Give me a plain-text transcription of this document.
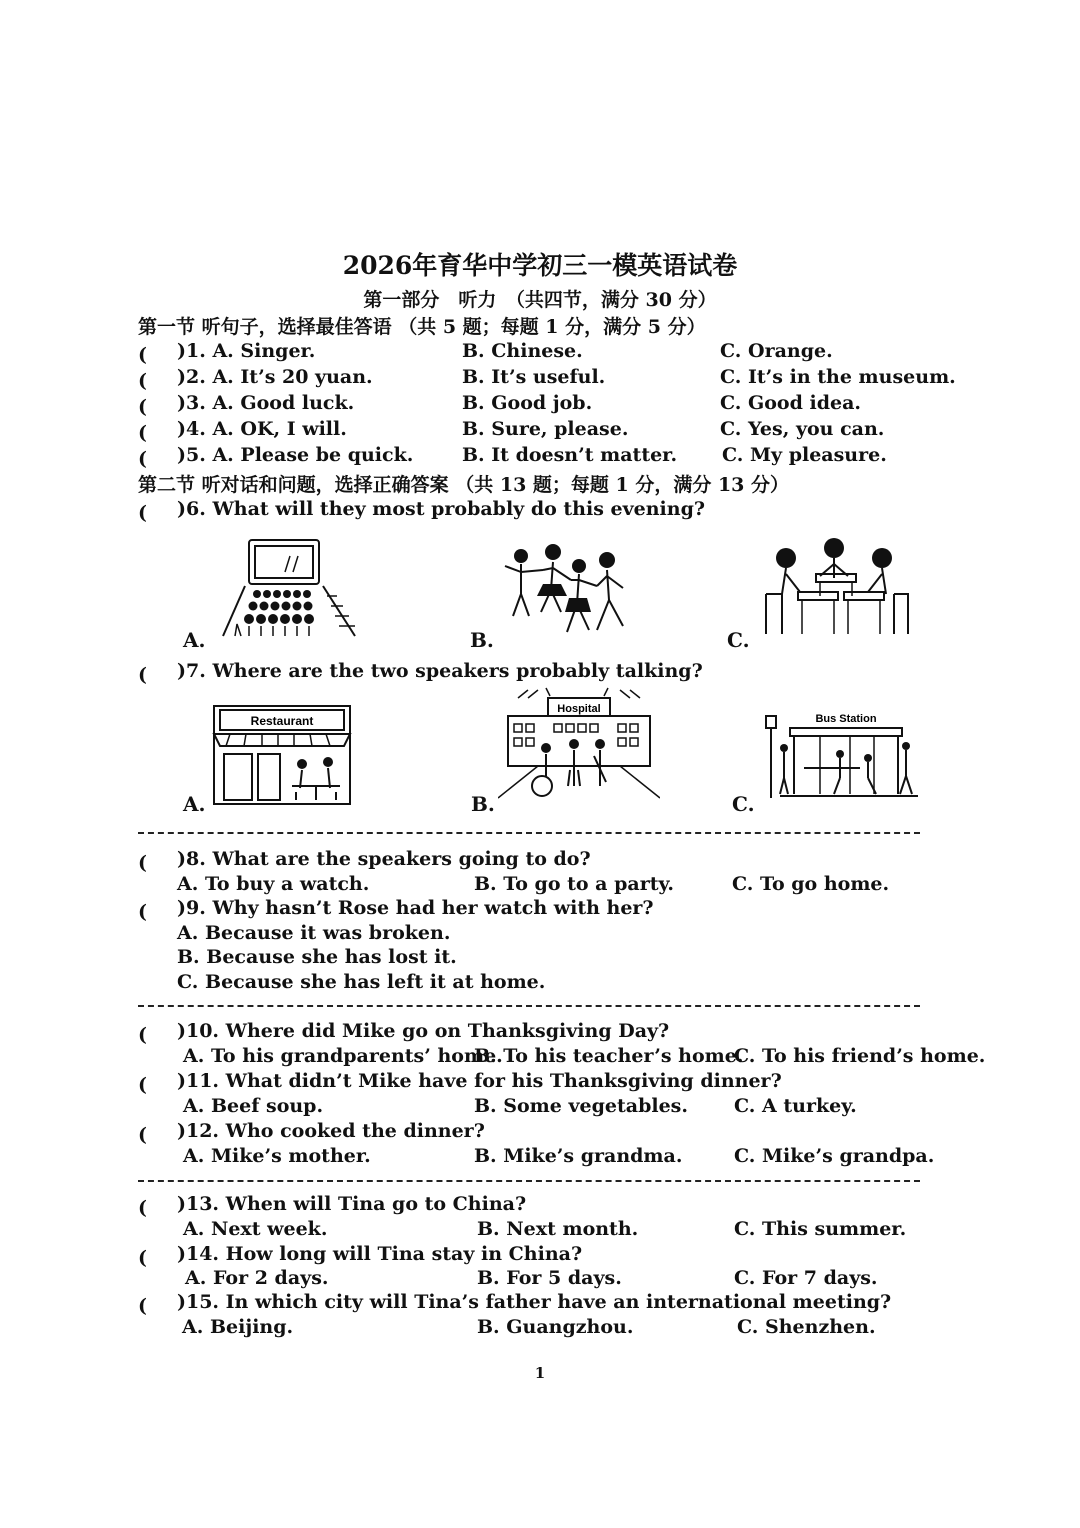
2026年育华中学初三一模英语试卷
第一部分　听力　（共四节，满分 30 分）
第一节 听句子，选择最佳答语 （共 5 题；每题 1 分，满分 5 分）
(　　
)1. A. Singer.	B. Chinese.	C. Orange.
(　　
)2. A. It’s 20 yuan.	B. It’s useful.	C. It’s in the museum.
(　　
)3. A. Good luck.	B. Good job.	C. Good idea.
(　　
)4. A. OK, I will.	B. Sure, please.	C. Yes, you can.
(　　
)5. A. Please be quick.	B. It doesn’t matter. C. My pleasure.
第二节 听对话和问题，选择正确答案 （共 13 题；每题 1 分，满分 13 分）
(　　
)6. What will they most probably do this evening?
A.	B.	C.
(　　
)7. Where are the two speakers probably talking?
Restaurant
A.
Hospital
B.
Bus Station
C.
(　　
)8. What are the speakers going to do?
A. To buy a watch.	B. To go to a party.	C. To go home.
(　　
)9. Why hasn’t Rose had her watch with her?
A. Because it was broken.
B. Because she has lost it.
C. Because she has left it at home.
(　　
)10. Where did Mike go on Thanksgiving Day?
A. To his grandparents’ home.
B. To his teacher’s home.
C. To his friend’s home.
(　　
)11. What didn’t Mike have for his Thanksgiving dinner?
A. Beef soup.	B. Some vegetables. C. A turkey.
(　　
)12. Who cooked the dinner?
A. Mike’s mother.	B. Mike’s grandma.	C. Mike’s grandpa.
(　　
)13. When will Tina go to China?
A. Next week.	B. Next month.	C. This summer.
(　　
)14. How long will Tina stay in China?
A. For 2 days.	B. For 5 days.	C. For 7 days.
(　　
)15. In which city will Tina’s father have an international meeting?
A. Beijing.	B. Guangzhou.	C. Shenzhen.
1
